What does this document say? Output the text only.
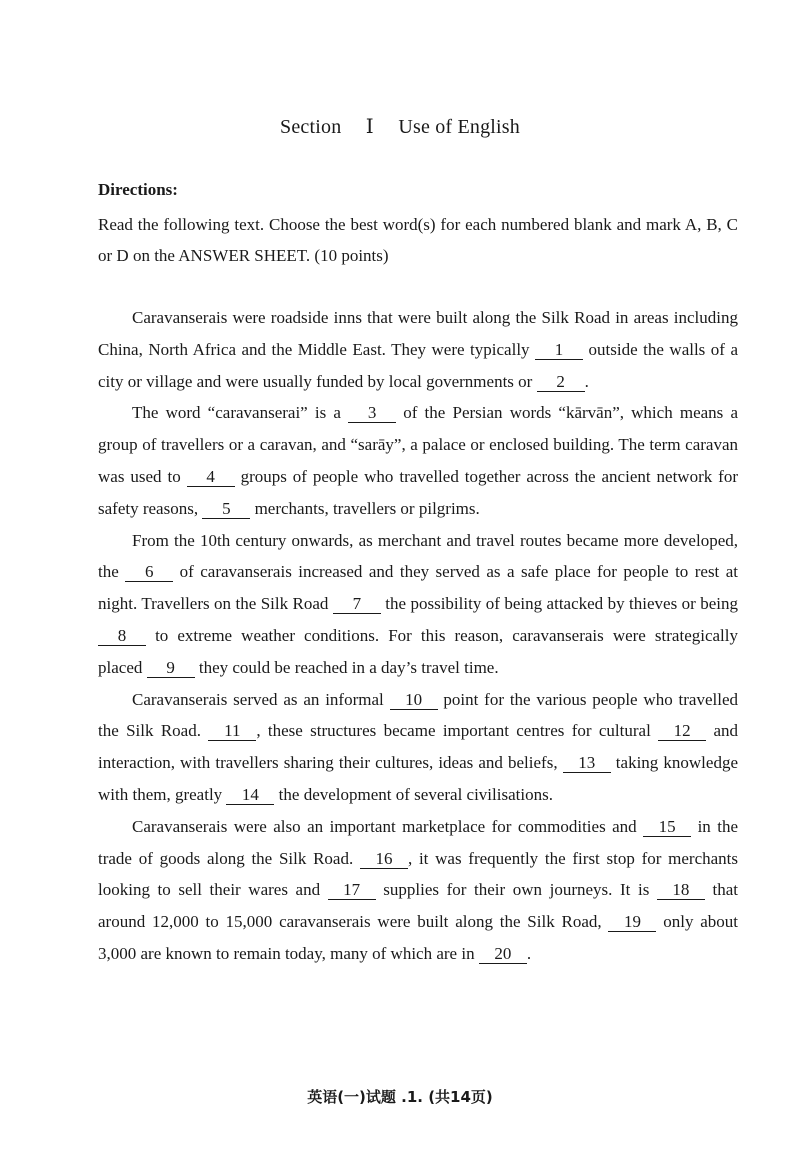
Section Ⅰ Use of English
Directions:
Read the following text. Choose the best word(s) for each numbered blank and mark A, B, C or D on the ANSWER SHEET. (10 points)

Caravanserais were roadside inns that were built along the Silk Road in areas including China, North Africa and the Middle East. They were typically 1 outside the walls of a city or village and were usually funded by local governments or 2 .

The word “caravanserai” is a 3 of the Persian words “kārvān”, which means a group of travellers or a caravan, and “sarāy”, a palace or enclosed building. The term caravan was used to 4 groups of people who travelled together across the ancient network for safety reasons, 5 merchants, travellers or pilgrims.

From the 10th century onwards, as merchant and travel routes became more developed, the 6 of caravanserais increased and they served as a safe place for people to rest at night. Travellers on the Silk Road 7 the possibility of being attacked by thieves or being 8 to extreme weather conditions. For this reason, caravanserais were strategically placed 9 they could be reached in a day’s travel time.

Caravanserais served as an informal 10 point for the various people who travelled the Silk Road. 11 , these structures became important centres for cultural 12 and interaction, with travellers sharing their cultures, ideas and beliefs, 13 taking knowledge with them, greatly 14 the development of several civilisations.

Caravanserais were also an important marketplace for commodities and 15 in the trade of goods along the Silk Road. 16 , it was frequently the first stop for merchants looking to sell their wares and 17 supplies for their own journeys. It is 18 that around 12,000 to 15,000 caravanserais were built along the Silk Road, 19 only about 3,000 are known to remain today, many of which are in 20 .

英语(一)试题 .1. (共14页)
